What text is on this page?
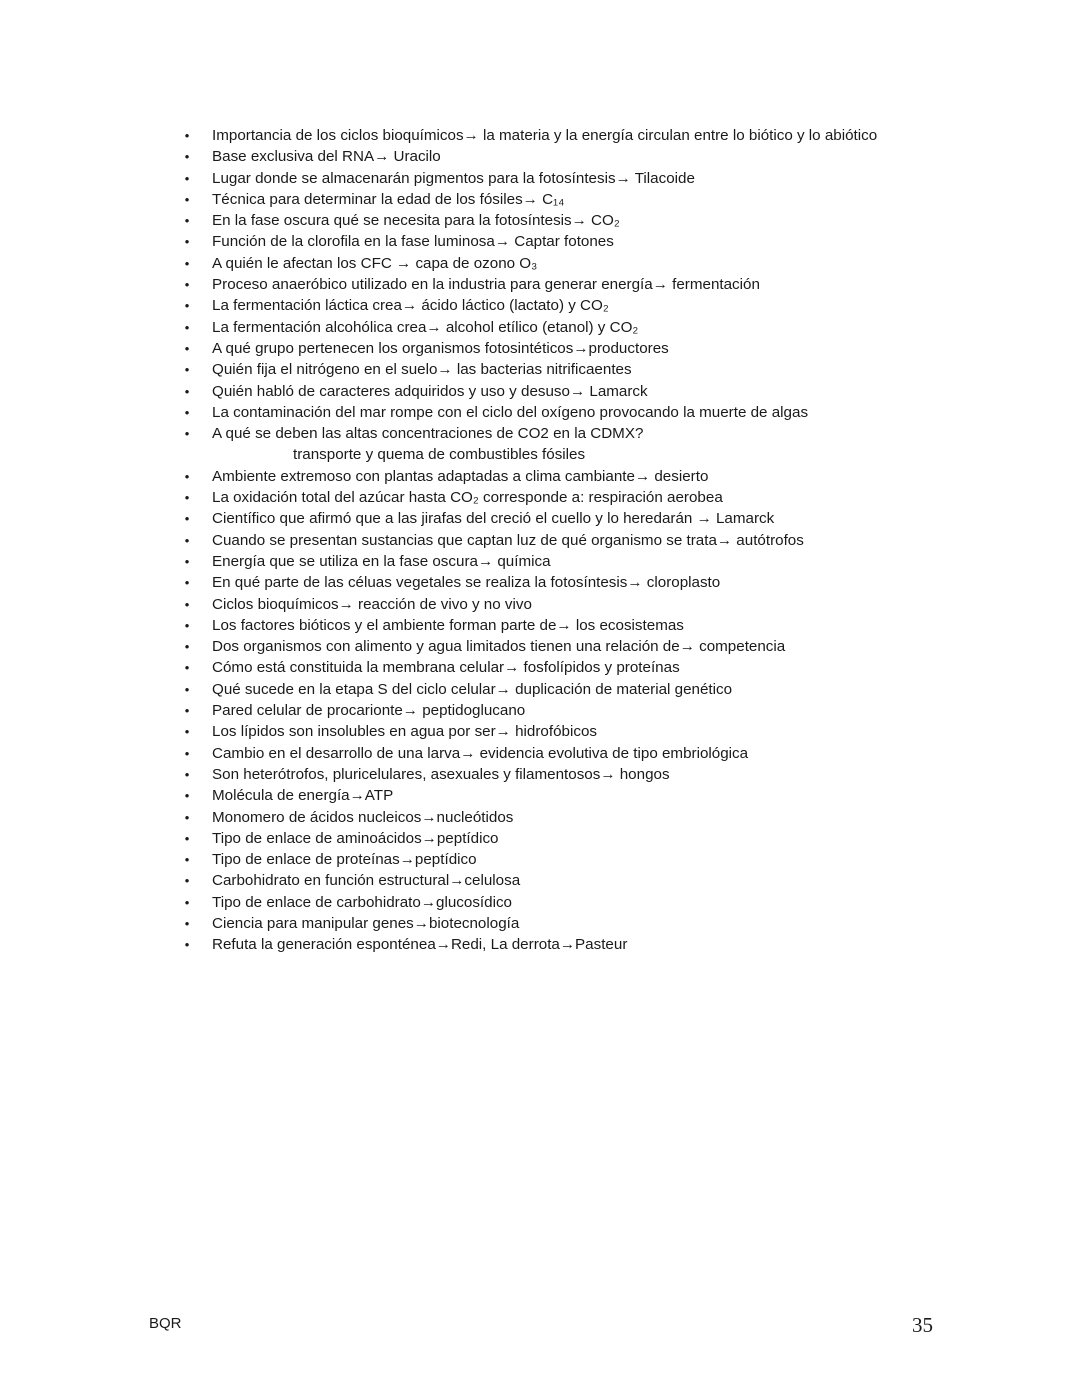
• Importancia de los ciclos bioquímicos→ la materia y la energía circulan entre lo biótico y lo abiótico
• Base exclusiva del RNA→ Uracilo
• Lugar donde se almacenarán pigmentos para la fotosíntesis→ Tilacoide
• Técnica para determinar la edad de los fósiles→ C₁₄
• En la fase oscura qué se necesita para la fotosíntesis→ CO₂
• Función de la clorofila en la fase luminosa→ Captar fotones
• A quién le afectan los CFC → capa de ozono O₃
• Proceso anaeróbico utilizado en la industria para generar energía→ fermentación
• La fermentación láctica crea→ ácido láctico (lactato) y CO₂
• La fermentación alcohólica crea→ alcohol etílico (etanol) y CO₂
• A qué grupo pertenecen los organismos fotosintéticos→productores
• Quién fija el nitrógeno en el suelo→ las bacterias nitrificaentes
• Quién habló de caracteres adquiridos y uso y desuso→ Lamarck
• La contaminación del mar rompe con el ciclo del oxígeno provocando la muerte de algas
• A qué se deben las altas concentraciones de CO2 en la CDMX?
transporte y quema de combustibles fósiles
• Ambiente extremoso con plantas adaptadas a clima cambiante→ desierto
• La oxidación total del azúcar hasta CO₂ corresponde a: respiración aerobea
• Científico que afirmó que a las jirafas del creció el cuello y lo heredarán → Lamarck
• Cuando se presentan sustancias que captan luz de qué organismo se trata→ autótrofos
• Energía que se utiliza en la fase oscura→ química
• En qué parte de las céluas vegetales se realiza la fotosíntesis→ cloroplasto
• Ciclos bioquímicos→ reacción de vivo y no vivo
• Los factores bióticos y el ambiente forman parte de→ los ecosistemas
• Dos organismos con alimento y agua limitados tienen una relación de→ competencia
• Cómo está constituida la membrana celular→ fosfolípidos y proteínas
• Qué sucede en la etapa S del ciclo celular→ duplicación de material genético
• Pared celular de procarionte→ peptidoglucano
• Los lípidos son insolubles en agua por ser→ hidrofóbicos
• Cambio en el desarrollo de una larva→ evidencia evolutiva de tipo embriológica
• Son heterótrofos, pluricelulares, asexuales y filamentosos→ hongos
• Molécula de energía→ATP
• Monomero de ácidos nucleicos→nucleótidos
• Tipo de enlace de aminoácidos→peptídico
• Tipo de enlace de proteínas→peptídico
• Carbohidrato en función estructural→celulosa
• Tipo de enlace de carbohidrato→glucosídico
• Ciencia para manipular genes→biotecnología
• Refuta la generación esponténea→Redi, La derrota→Pasteur
BQR	35
